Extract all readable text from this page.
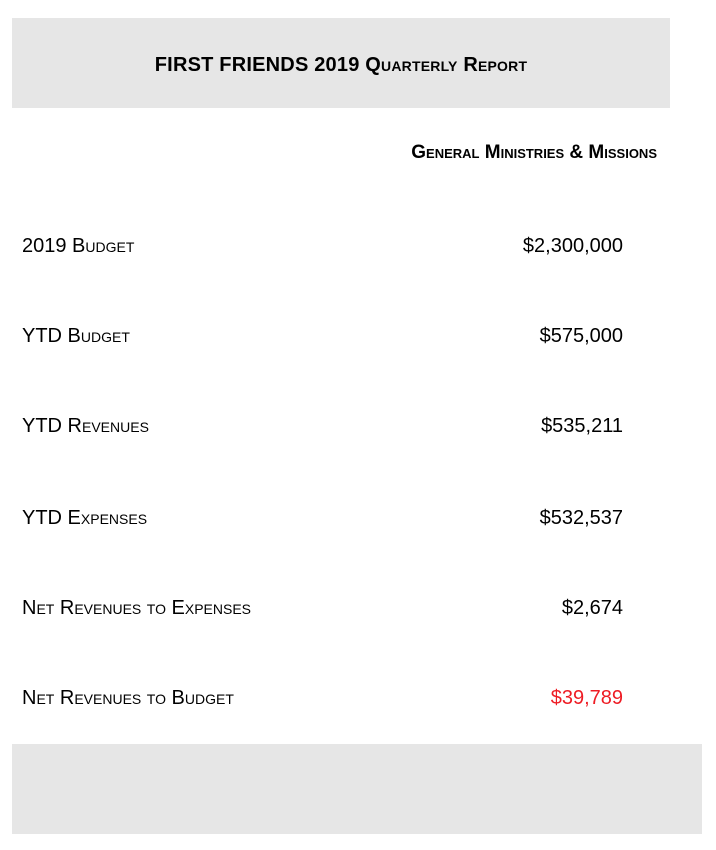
FIRST FRIENDS 2019 Quarterly Report
General Ministries & Missions
2019 Budget	$2,300,000
YTD Budget	$575,000
YTD Revenues	$535,211
YTD Expenses	$532,537
Net Revenues to Expenses	$2,674
Net Revenues to Budget	$39,789
